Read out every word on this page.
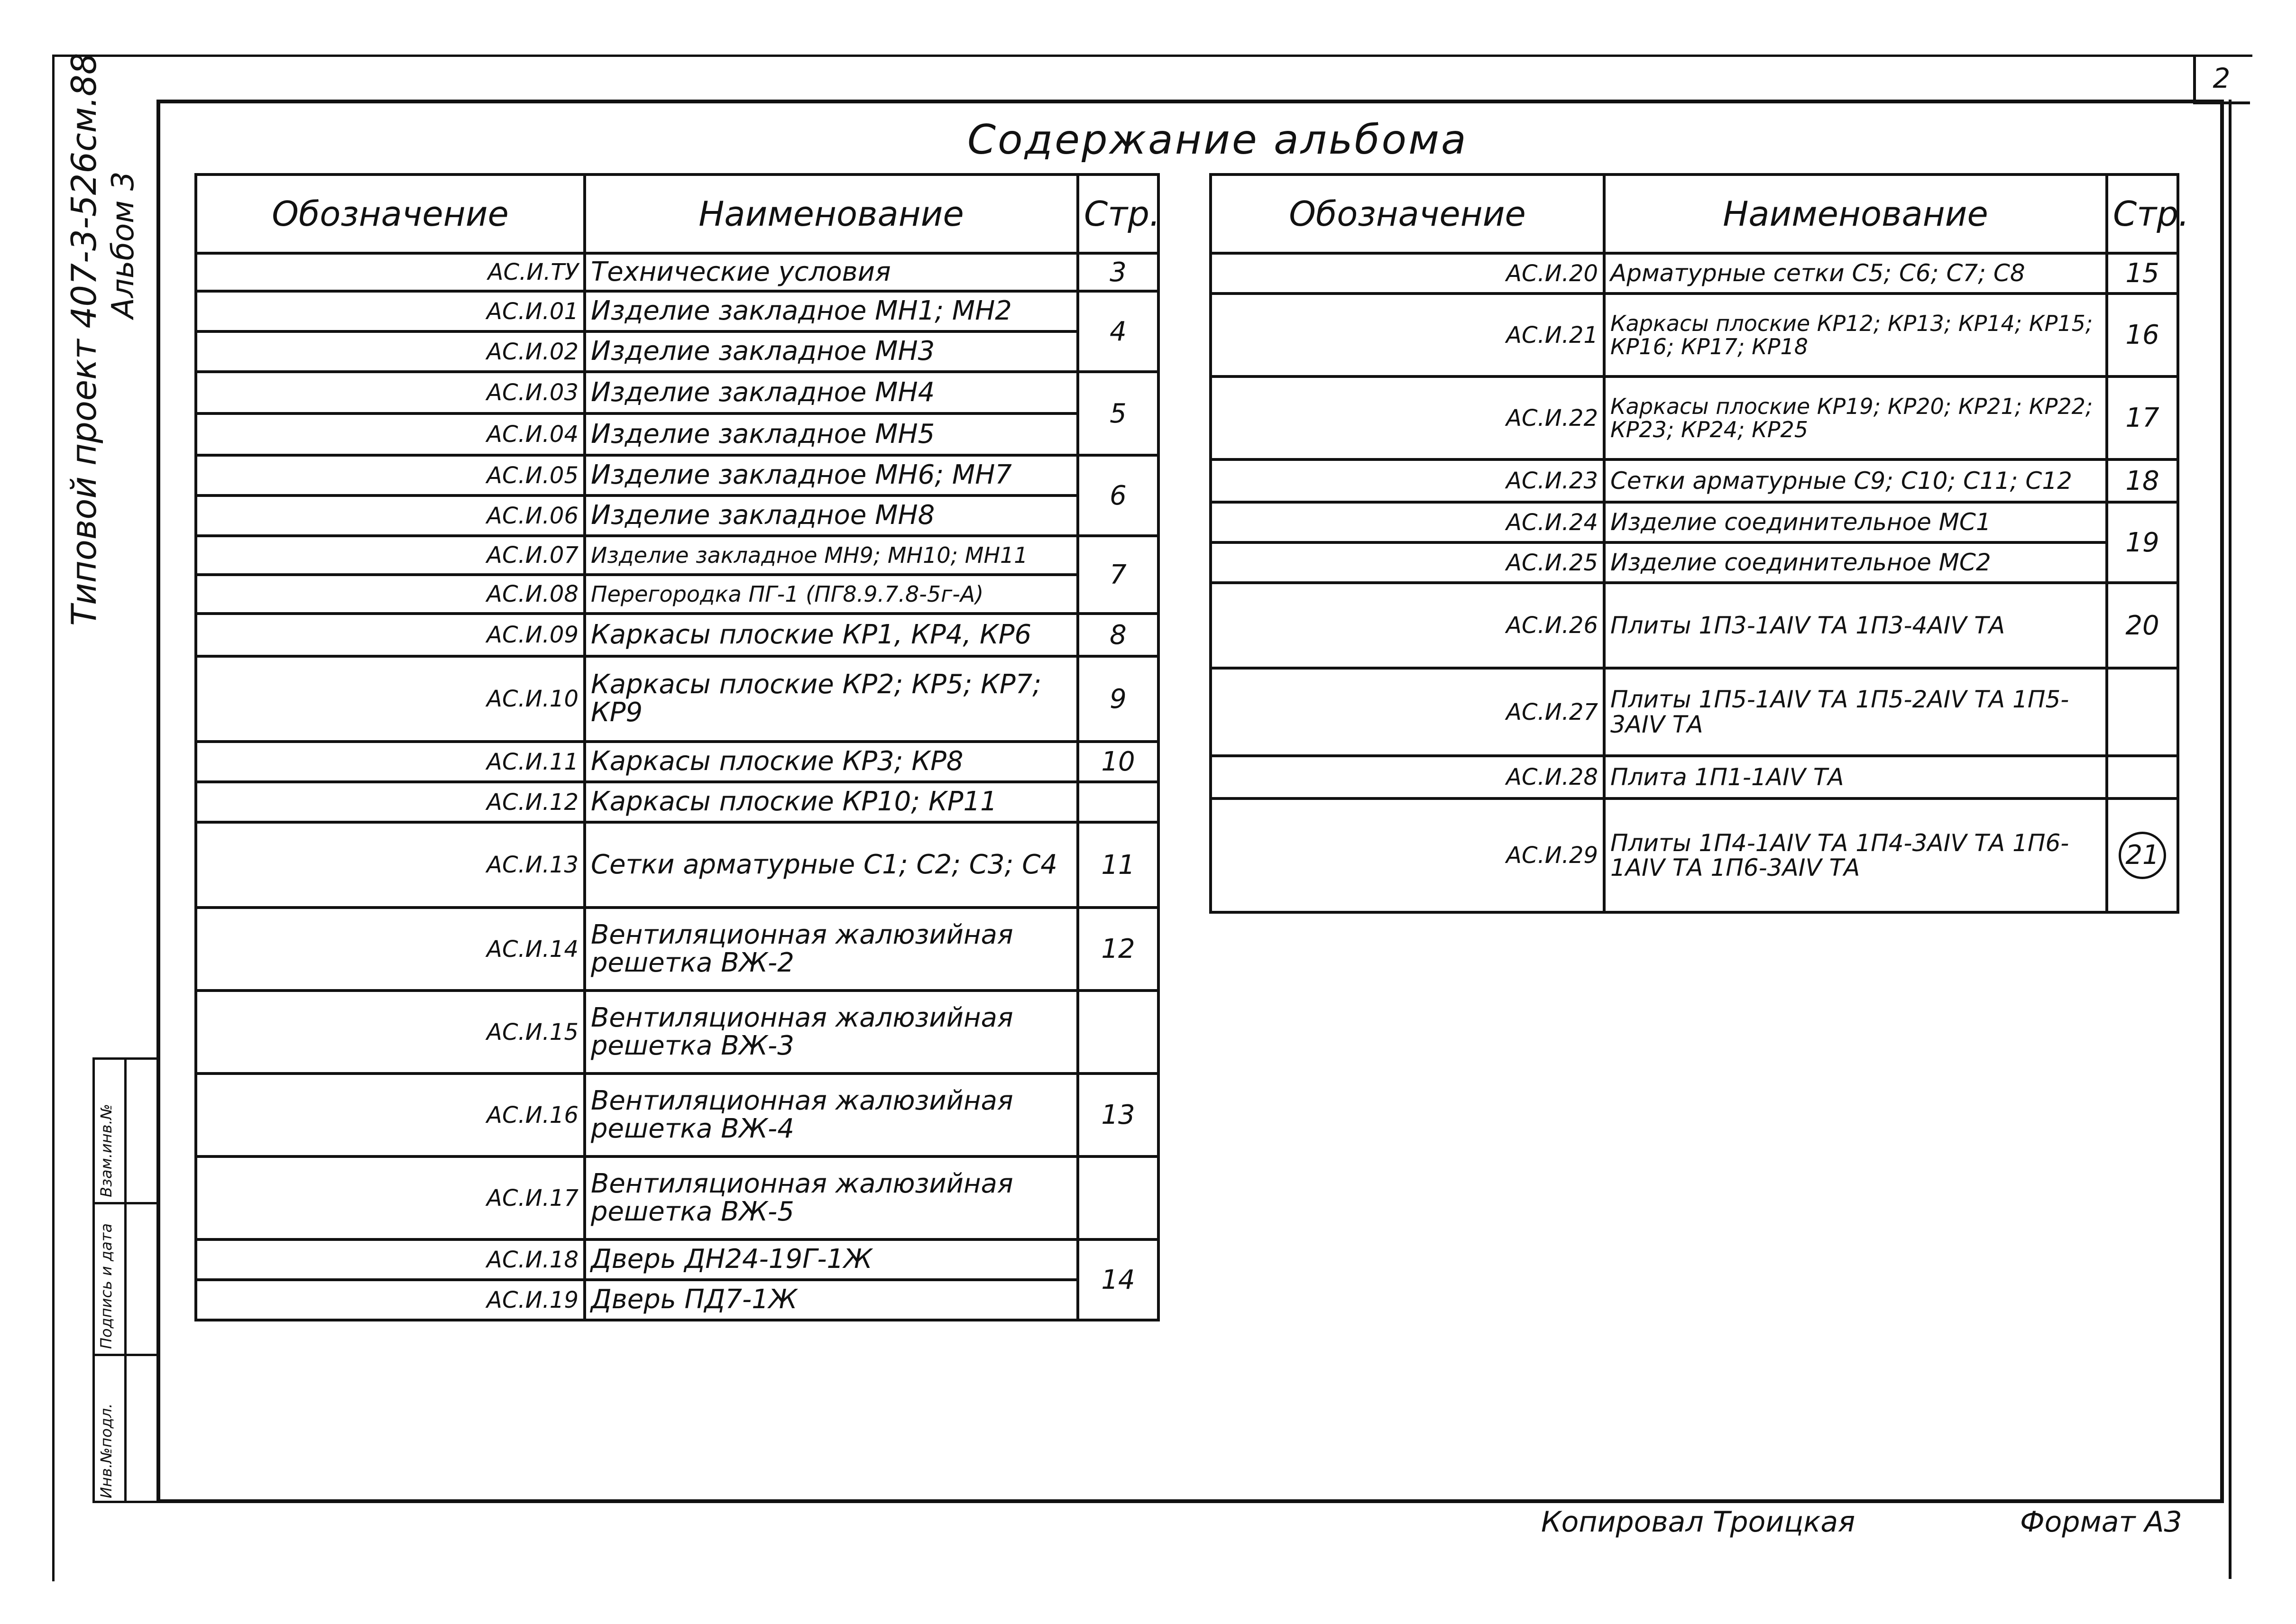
2
Типовой проект 407-3-526см.88 Альбом 3
Инв.№подл.
Подпись и дата
Взам.инв.№
Содержание альбома
Обозначение	Наименование	Стр.
АС.И.ТУ	Технические условия	3
АС.И.01	Изделие закладное МН1; МН2	4
АС.И.02	Изделие закладное МН3	
АС.И.03	Изделие закладное МН4	5
АС.И.04	Изделие закладное МН5	
АС.И.05	Изделие закладное МН6; МН7	6
АС.И.06	Изделие закладное МН8	
АС.И.07	Изделие закладное МН9; МН10; МН11	7
АС.И.08	Перегородка ПГ-1 (ПГ8.9.7.8-5г-А)	
АС.И.09	Каркасы плоские КР1, КР4, КР6	8
АС.И.10	Каркасы плоские КР2; КР5; КР7; КР9	9
АС.И.11	Каркасы плоские КР3; КР8	10
АС.И.12	Каркасы плоские КР10; КР11	
АС.И.13	Сетки арматурные С1; С2; С3; С4	11
АС.И.14	Вентиляционная жалюзийная решетка ВЖ-2	12
АС.И.15	Вентиляционная жалюзийная решетка ВЖ-3	
АС.И.16	Вентиляционная жалюзийная решетка ВЖ-4	13
АС.И.17	Вентиляционная жалюзийная решетка ВЖ-5	
АС.И.18	Дверь ДН24-19Г-1Ж	14
АС.И.19	Дверь ПД7-1Ж	
Обозначение	Наименование	Стр.
АС.И.20	Арматурные сетки С5; С6; С7; С8	15
АС.И.21	Каркасы плоские КР12; КР13; КР14; КР15; КР16; КР17; КР18	16
АС.И.22	Каркасы плоские КР19; КР20; КР21; КР22; КР23; КР24; КР25	17
АС.И.23	Сетки арматурные С9; С10; С11; С12	18
АС.И.24	Изделие соединительное МС1	19
АС.И.25	Изделие соединительное МС2	
АС.И.26	Плиты 1П3-1АIV ТА 1П3-4АIV ТА	20
АС.И.27	Плиты 1П5-1АIV ТА 1П5-2АIV ТА 1П5-3АIV ТА	
АС.И.28	Плита 1П1-1АIV ТА	
АС.И.29	Плиты 1П4-1АIV ТА 1П4-3АIV ТА 1П6-1АIV ТА 1П6-3АIV ТА	21
Копировал Троицкая	Формат А3
